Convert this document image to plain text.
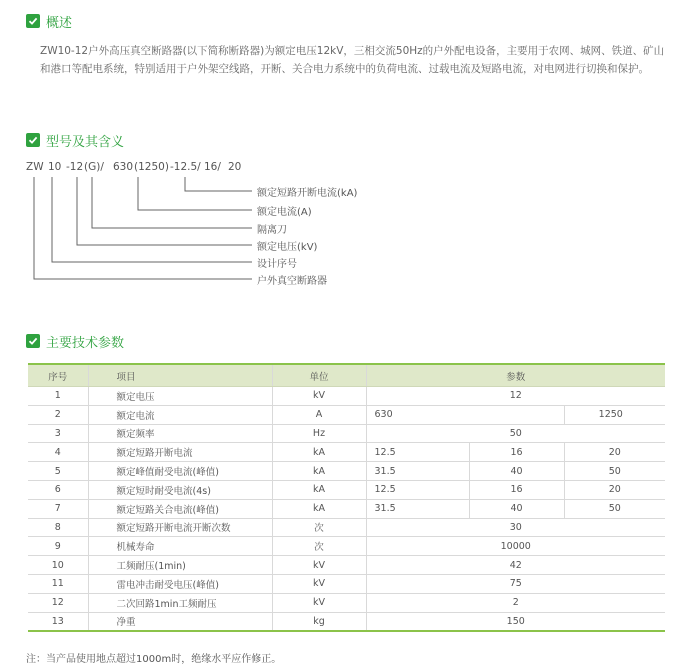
概述

ZW10-12户外高压真空断路器(以下简称断路器)为额定电压12kV，三相交流50Hz的户外配电设备，主要用于农网、城网、铁道、矿山和港口等配电系统，特别适用于户外架空线路，开断、关合电力系统中的负荷电流、过载电流及短路电流，对电网进行切换和保护。

型号及其含义
ZW 10 -12 (G)/ 630 (1250) -12.5/ 16/ 20
额定短路开断电流(kA)
额定电流(A)
隔离刀
额定电压(kV)
设计序号
户外真空断路器
主要技术参数
序号	项目	单位	参数		
1	额定电压	kV	12		
2	额定电流	A	630		1250
3	额定频率	Hz	50		
4	额定短路开断电流	kA	12.5	16	20
5	额定峰值耐受电流(峰值)	kA	31.5	40	50
6	额定短时耐受电流(4s)	kA	12.5	16	20
7	额定短路关合电流(峰值)	kA	31.5	40	50
8	额定短路开断电流开断次数	次	30		
9	机械寿命	次	10000		
10	工频耐压(1min)	kV	42		
11	雷电冲击耐受电压(峰值)	kV	75		
12	二次回路1min工频耐压	kV	2		
13	净重	kg	150		
注：当产品使用地点超过1000m时，绝缘水平应作修正。
